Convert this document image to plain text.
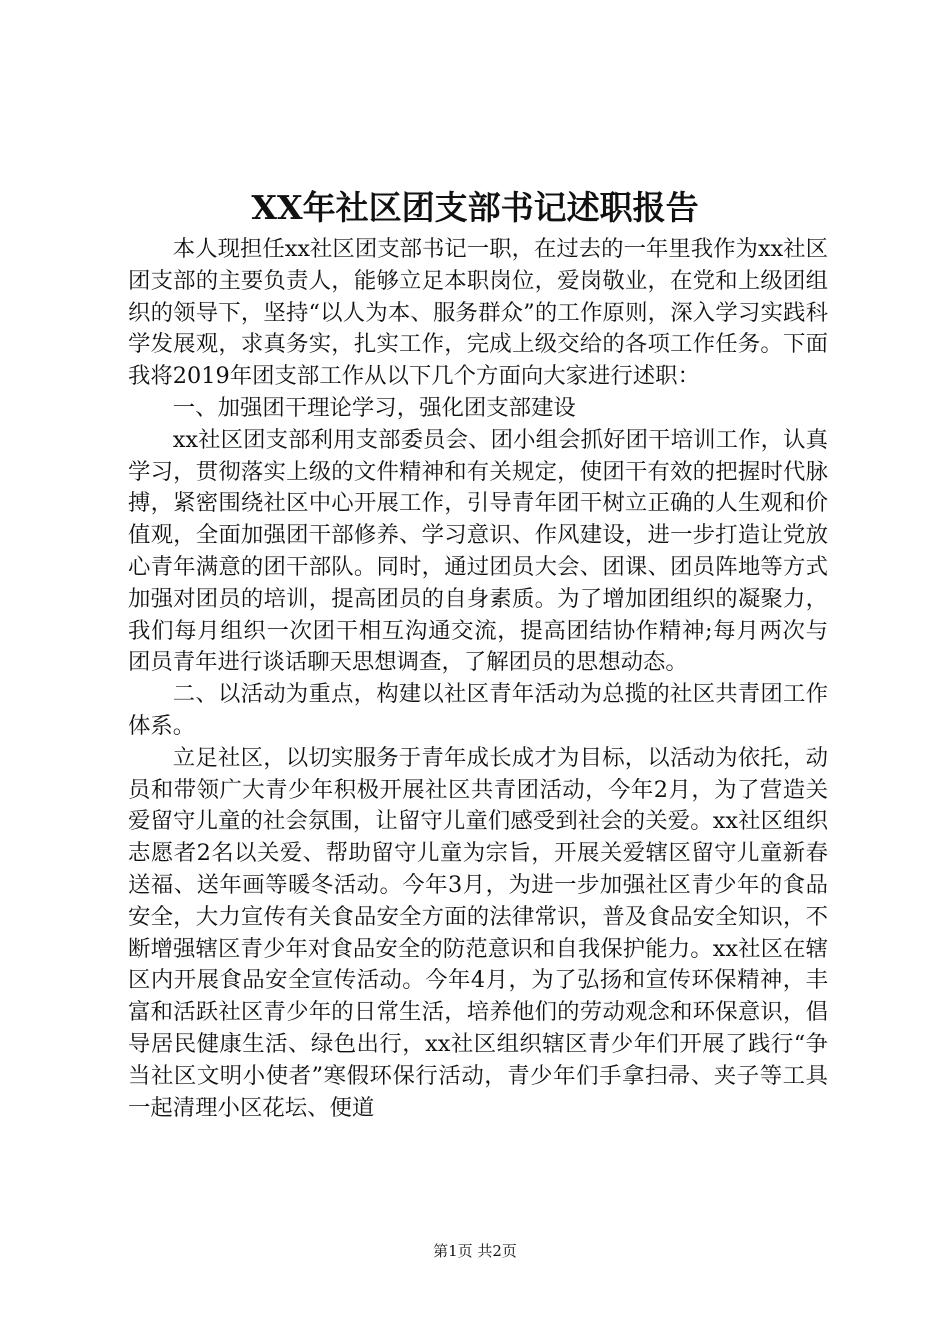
XX年社区团支部书记述职报告

本人现担任xx社区团支部书记一职，在过去的一年里我作为xx社区团支部的主要负责人，能够立足本职岗位，爱岗敬业，在党和上级团组织的领导下，坚持“以人为本、服务群众”的工作原则，深入学习实践科学发展观，求真务实，扎实工作，完成上级交给的各项工作任务。下面我将2019年团支部工作从以下几个方面向大家进行述职：

一、加强团干理论学习，强化团支部建设

xx社区团支部利用支部委员会、团小组会抓好团干培训工作，认真学习，贯彻落实上级的文件精神和有关规定，使团干有效的把握时代脉搏，紧密围绕社区中心开展工作，引导青年团干树立正确的人生观和价值观，全面加强团干部修养、学习意识、作风建设，进一步打造让党放心青年满意的团干部队。同时，通过团员大会、团课、团员阵地等方式加强对团员的培训，提高团员的自身素质。为了增加团组织的凝聚力，我们每月组织一次团干相互沟通交流，提高团结协作精神;每月两次与团员青年进行谈话聊天思想调查，了解团员的思想动态。

二、以活动为重点，构建以社区青年活动为总揽的社区共青团工作体系。

立足社区，以切实服务于青年成长成才为目标，以活动为依托，动员和带领广大青少年积极开展社区共青团活动，今年2月，为了营造关爱留守儿童的社会氛围，让留守儿童们感受到社会的关爱。xx社区组织志愿者2名以关爱、帮助留守儿童为宗旨，开展关爱辖区留守儿童新春送福、送年画等暖冬活动。今年3月，为进一步加强社区青少年的食品安全，大力宣传有关食品安全方面的法律常识，普及食品安全知识，不断增强辖区青少年对食品安全的防范意识和自我保护能力。xx社区在辖区内开展食品安全宣传活动。今年4月，为了弘扬和宣传环保精神，丰富和活跃社区青少年的日常生活，培养他们的劳动观念和环保意识，倡导居民健康生活、绿色出行，xx社区组织辖区青少年们开展了践行“争当社区文明小使者”寒假环保行活动，青少年们手拿扫帚、夹子等工具一起清理小区花坛、便道

第1页 共2页
